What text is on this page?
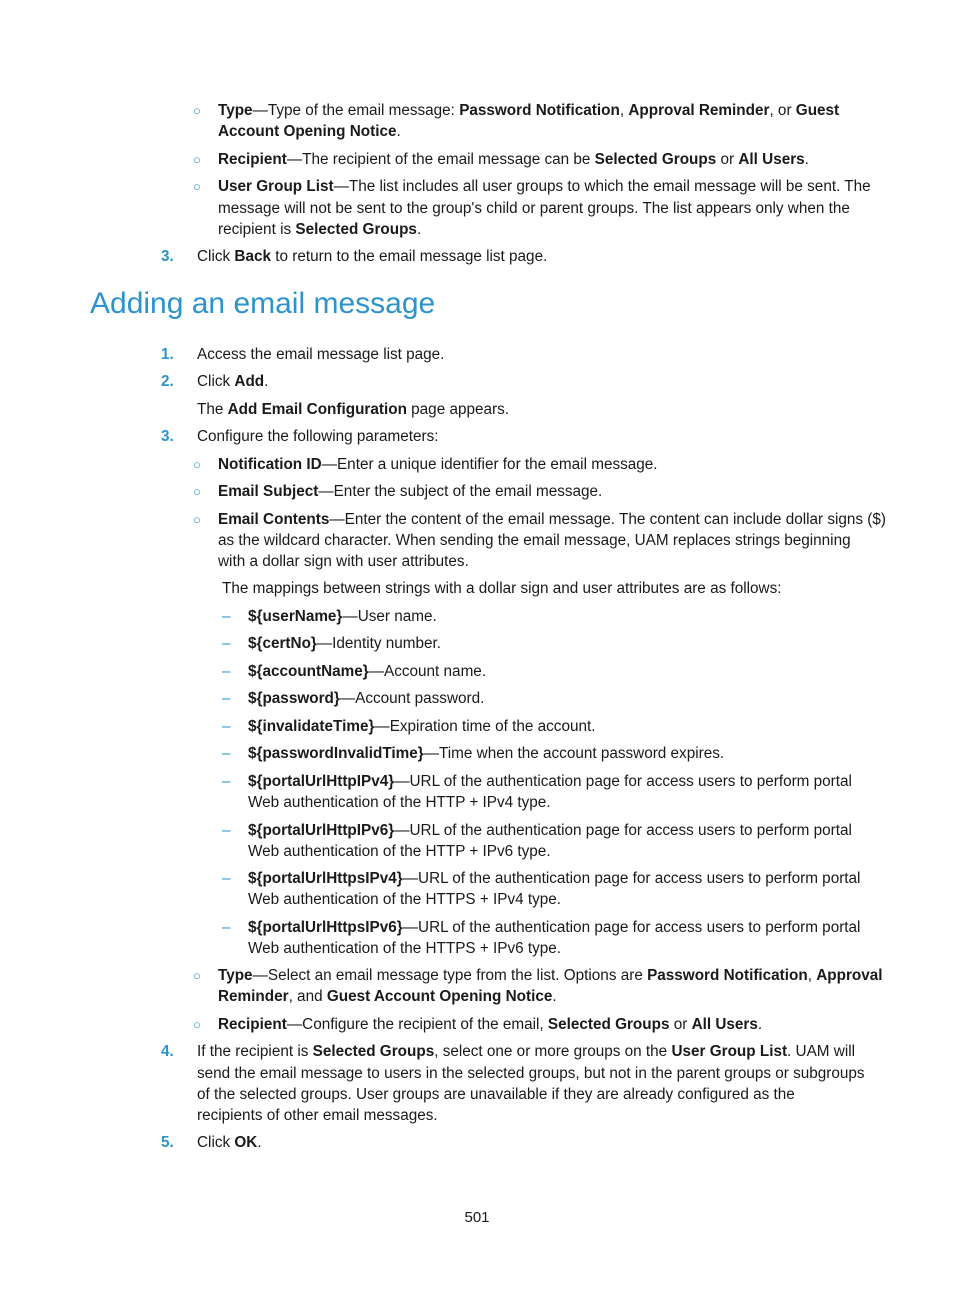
○ Type—Type of the email message: Password Notification, Approval Reminder, or Guest
Account Opening Notice.
○ Recipient—The recipient of the email message can be Selected Groups or All Users.
○ User Group List—The list includes all user groups to which the email message will be sent. The
message will not be sent to the group's child or parent groups. The list appears only when the
recipient is Selected Groups.
3. Click Back to return to the email message list page.
Adding an email message
1. Access the email message list page.
2. Click Add.
The Add Email Configuration page appears.
3. Configure the following parameters:
○ Notification ID—Enter a unique identifier for the email message.
○ Email Subject—Enter the subject of the email message.
○ Email Contents—Enter the content of the email message. The content can include dollar signs ($)
as the wildcard character. When sending the email message, UAM replaces strings beginning
with a dollar sign with user attributes.
The mappings between strings with a dollar sign and user attributes are as follows:
– ${userName}—User name.
– ${certNo}—Identity number.
– ${accountName}—Account name.
– ${password}—Account password.
– ${invalidateTime}—Expiration time of the account.
– ${passwordInvalidTime}—Time when the account password expires.
– ${portalUrlHttpIPv4}—URL of the authentication page for access users to perform portal
Web authentication of the HTTP + IPv4 type.
– ${portalUrlHttpIPv6}—URL of the authentication page for access users to perform portal
Web authentication of the HTTP + IPv6 type.
– ${portalUrlHttpsIPv4}—URL of the authentication page for access users to perform portal
Web authentication of the HTTPS + IPv4 type.
– ${portalUrlHttpsIPv6}—URL of the authentication page for access users to perform portal
Web authentication of the HTTPS + IPv6 type.
○ Type—Select an email message type from the list. Options are Password Notification, Approval
Reminder, and Guest Account Opening Notice.
○ Recipient—Configure the recipient of the email, Selected Groups or All Users.
4. If the recipient is Selected Groups, select one or more groups on the User Group List. UAM will
send the email message to users in the selected groups, but not in the parent groups or subgroups
of the selected groups. User groups are unavailable if they are already configured as the
recipients of other email messages.
5. Click OK.
501
